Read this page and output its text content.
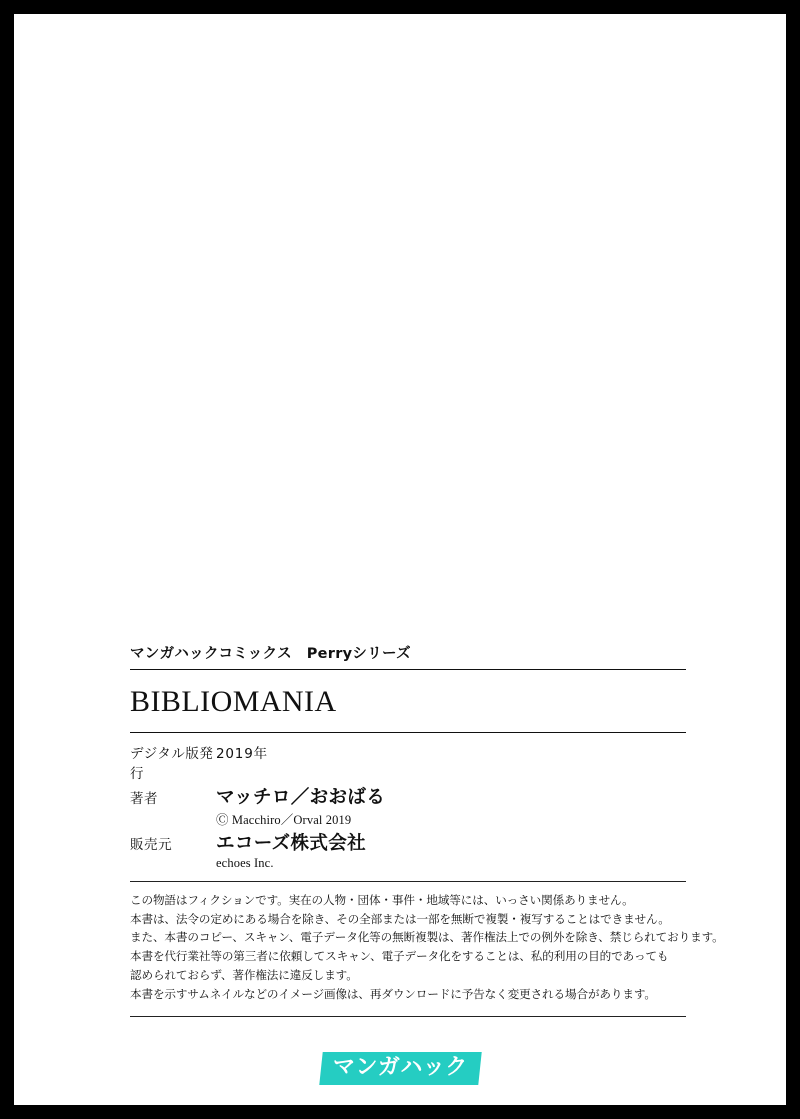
マンガハックコミックス　Perryシリーズ
BIBLIOMANIA
デジタル版発行
2019年
著者	マッチロ／おおばる
Ⓒ Macchiro／Orval 2019
販売元	エコーズ株式会社
echoes Inc.
この物語はフィクションです。実在の人物・団体・事件・地域等には、いっさい関係ありません。
本書は、法令の定めにある場合を除き、その全部または一部を無断で複製・複写することはできません。
また、本書のコピー、スキャン、電子データ化等の無断複製は、著作権法上での例外を除き、禁じられております。
本書を代行業社等の第三者に依頼してスキャン、電子データ化をすることは、私的利用の目的であっても
認められておらず、著作権法に違反します。
本書を示すサムネイルなどのイメージ画像は、再ダウンロードに予告なく変更される場合があります。
マンガハック
